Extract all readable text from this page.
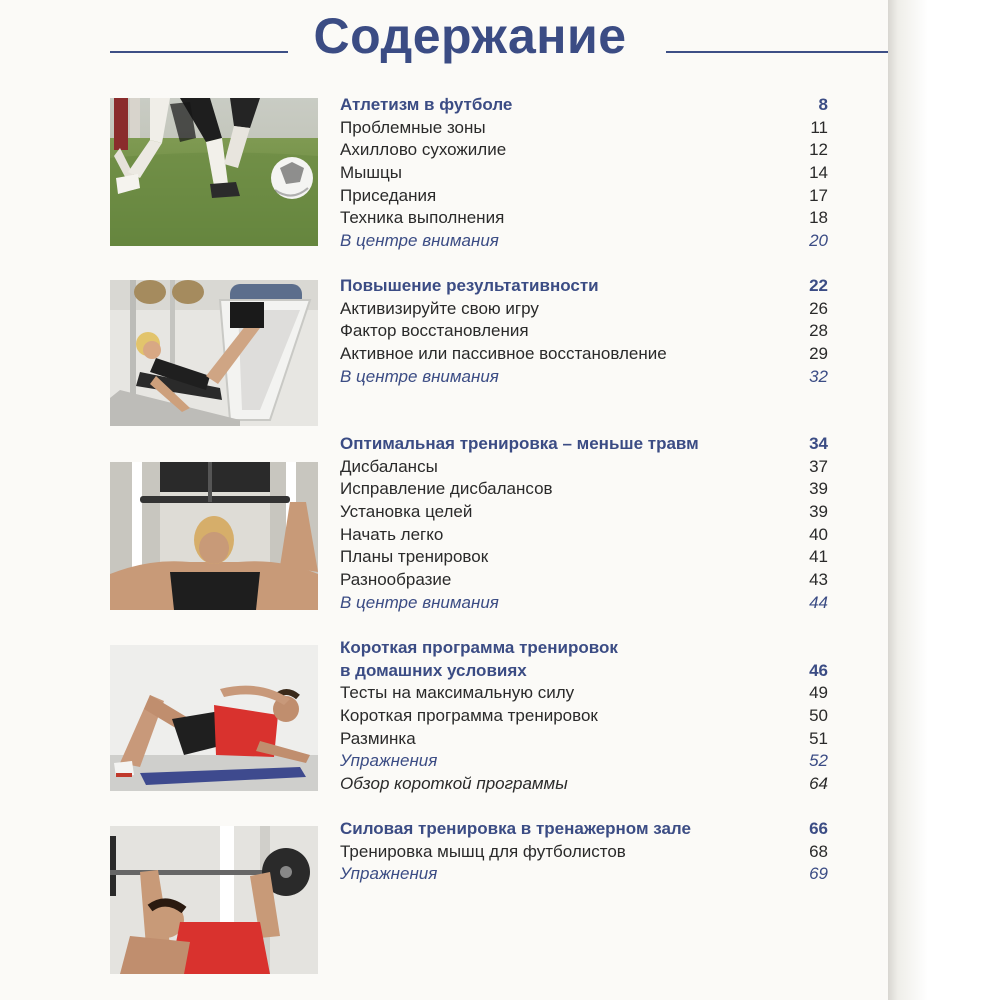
Содержание
Атлетизм в футболе	8
Проблемные зоны	11
Ахиллово сухожилие	12
Мышцы	14
Приседания	17
Техника выполнения	18
В центре внимания	20
Повышение результативности	22
Активизируйте свою игру	26
Фактор восстановления	28
Активное или пассивное восстановление	29
В центре внимания	32
Оптимальная тренировка – меньше травм	34
Дисбалансы	37
Исправление дисбалансов	39
Установка целей	39
Начать легко	40
Планы тренировок	41
Разнообразие	43
В центре внимания	44
Короткая программа тренировок
в домашних условиях	46
Тесты на максимальную силу	49
Короткая программа тренировок	50
Разминка	51
Упражнения	52
Обзор короткой программы	64
Силовая тренировка в тренажерном зале	66
Тренировка мышц для футболистов	68
Упражнения	69
